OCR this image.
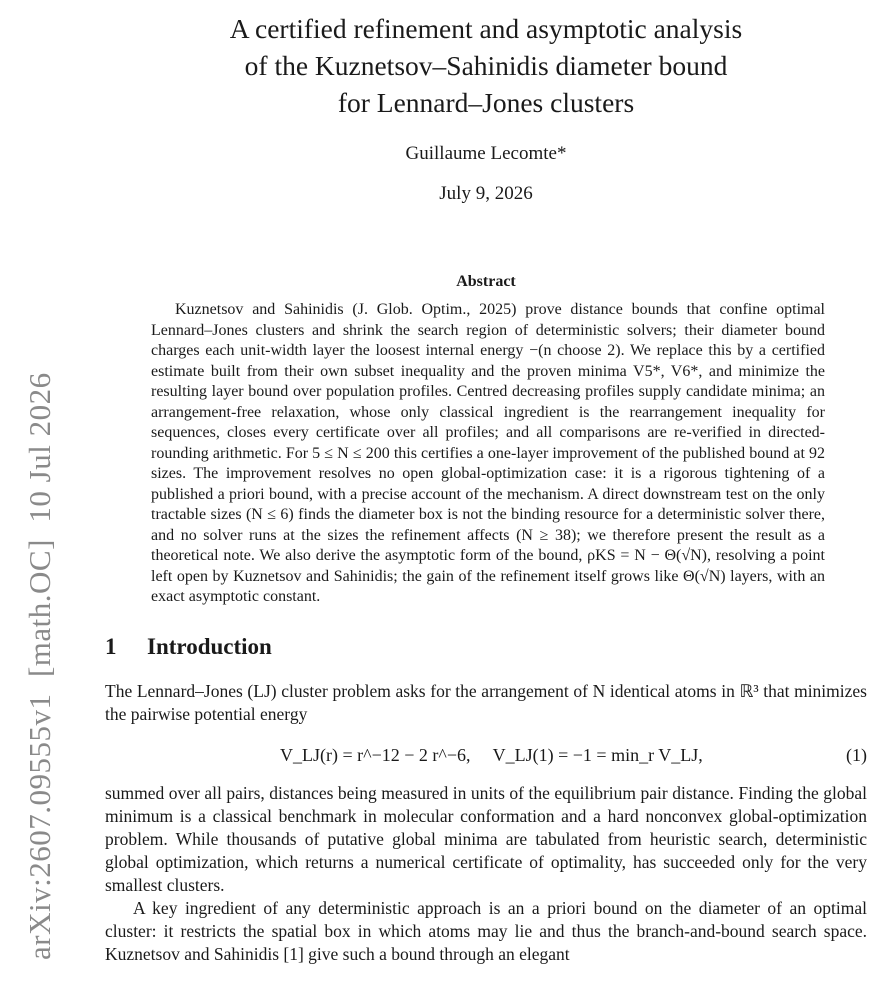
arXiv:2607.09555v1  [math.OC]  10 Jul 2026
A certified refinement and asymptotic analysis
of the Kuznetsov–Sahinidis diameter bound
for Lennard–Jones clusters
Guillaume Lecomte*
July 9, 2026
Abstract

Kuznetsov and Sahinidis (J. Glob. Optim., 2025) prove distance bounds that confine optimal Lennard–Jones clusters and shrink the search region of deterministic solvers; their diameter bound charges each unit-width layer the loosest internal energy −(n choose 2). We replace this by a certified estimate built from their own subset inequality and the proven minima V5*, V6*, and minimize the resulting layer bound over population profiles. Centred decreasing profiles supply candidate minima; an arrangement-free relaxation, whose only classical ingredient is the rearrangement inequality for sequences, closes every certificate over all profiles; and all comparisons are re-verified in directed-rounding arithmetic. For 5 ≤ N ≤ 200 this certifies a one-layer improvement of the published bound at 92 sizes. The improvement resolves no open global-optimization case: it is a rigorous tightening of a published a priori bound, with a precise account of the mechanism. A direct downstream test on the only tractable sizes (N ≤ 6) finds the diameter box is not the binding resource for a deterministic solver there, and no solver runs at the sizes the refinement affects (N ≥ 38); we therefore present the result as a theoretical note. We also derive the asymptotic form of the bound, ρKS = N − Θ(√N), resolving a point left open by Kuznetsov and Sahinidis; the gain of the refinement itself grows like Θ(√N) layers, with an exact asymptotic constant.

1 Introduction

The Lennard–Jones (LJ) cluster problem asks for the arrangement of N identical atoms in ℝ³ that minimizes the pairwise potential energy

V_LJ(r) = r^−12 − 2 r^−6,     V_LJ(1) = −1 = min_r V_LJ,	(1)

summed over all pairs, distances being measured in units of the equilibrium pair distance. Finding the global minimum is a classical benchmark in molecular conformation and a hard nonconvex global-optimization problem. While thousands of putative global minima are tabulated from heuristic search, deterministic global optimization, which returns a numerical certificate of optimality, has succeeded only for the very smallest clusters.

A key ingredient of any deterministic approach is an a priori bound on the diameter of an optimal cluster: it restricts the spatial box in which atoms may lie and thus the branch-and-bound search space. Kuznetsov and Sahinidis [1] give such a bound through an elegant
